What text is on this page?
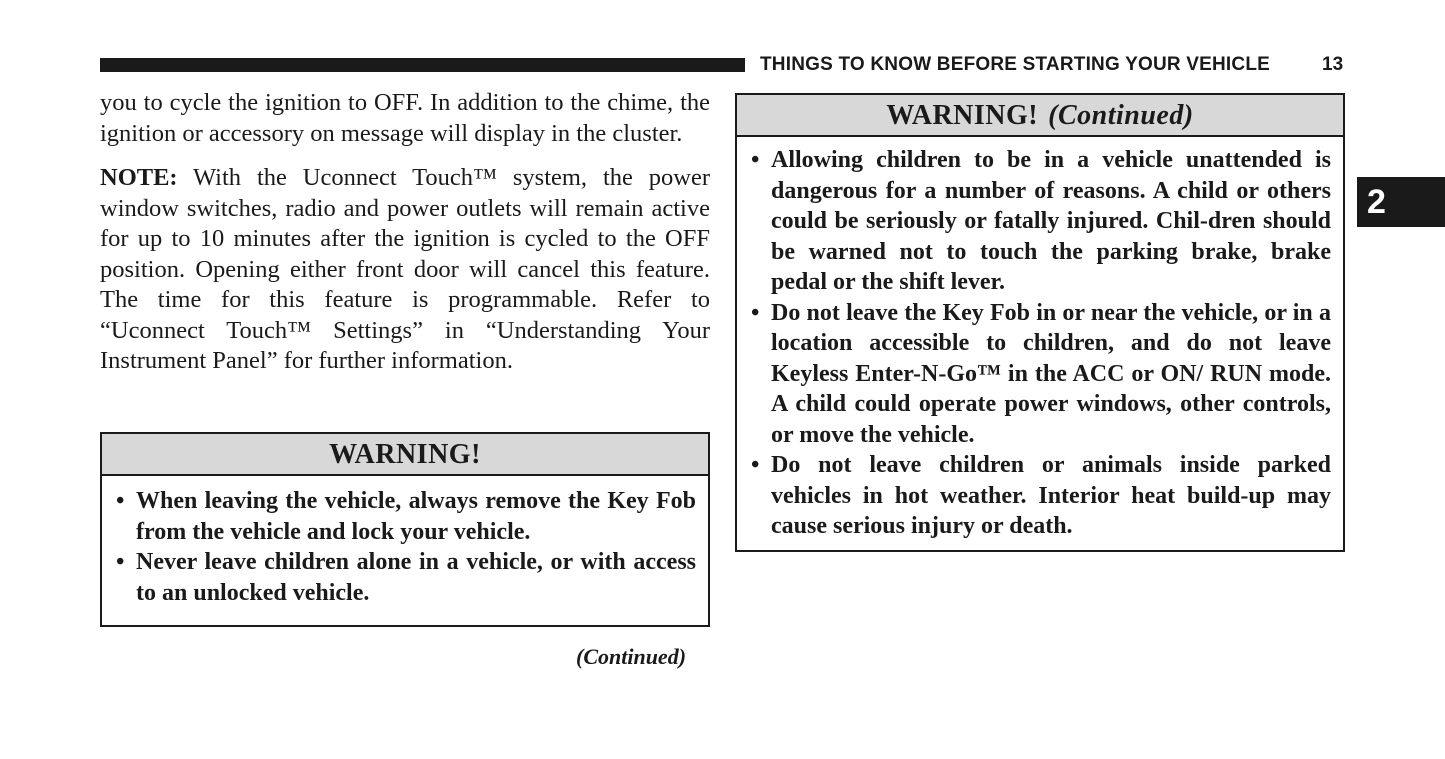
THINGS TO KNOW BEFORE STARTING YOUR VEHICLE	13
2

you to cycle the ignition to OFF. In addition to the chime, the ignition or accessory on message will display in the cluster.

NOTE: With the Uconnect Touch™ system, the power window switches, radio and power outlets will remain active for up to 10 minutes after the ignition is cycled to the OFF position. Opening either front door will cancel this feature. The time for this feature is programmable. Refer to “Uconnect Touch™ Settings” in “Understanding Your Instrument Panel” for further information.

WARNING!
• When leaving the vehicle, always remove the Key Fob from the vehicle and lock your vehicle.
• Never leave children alone in a vehicle, or with access to an unlocked vehicle.
(Continued)
WARNING! (Continued)
• Allowing children to be in a vehicle unattended is dangerous for a number of reasons. A child or others could be seriously or fatally injured. Chil-dren should be warned not to touch the parking brake, brake pedal or the shift lever.
• Do not leave the Key Fob in or near the vehicle, or in a location accessible to children, and do not leave Keyless Enter-N-Go™ in the ACC or ON/ RUN mode. A child could operate power windows, other controls, or move the vehicle.
• Do not leave children or animals inside parked vehicles in hot weather. Interior heat build-up may cause serious injury or death.
